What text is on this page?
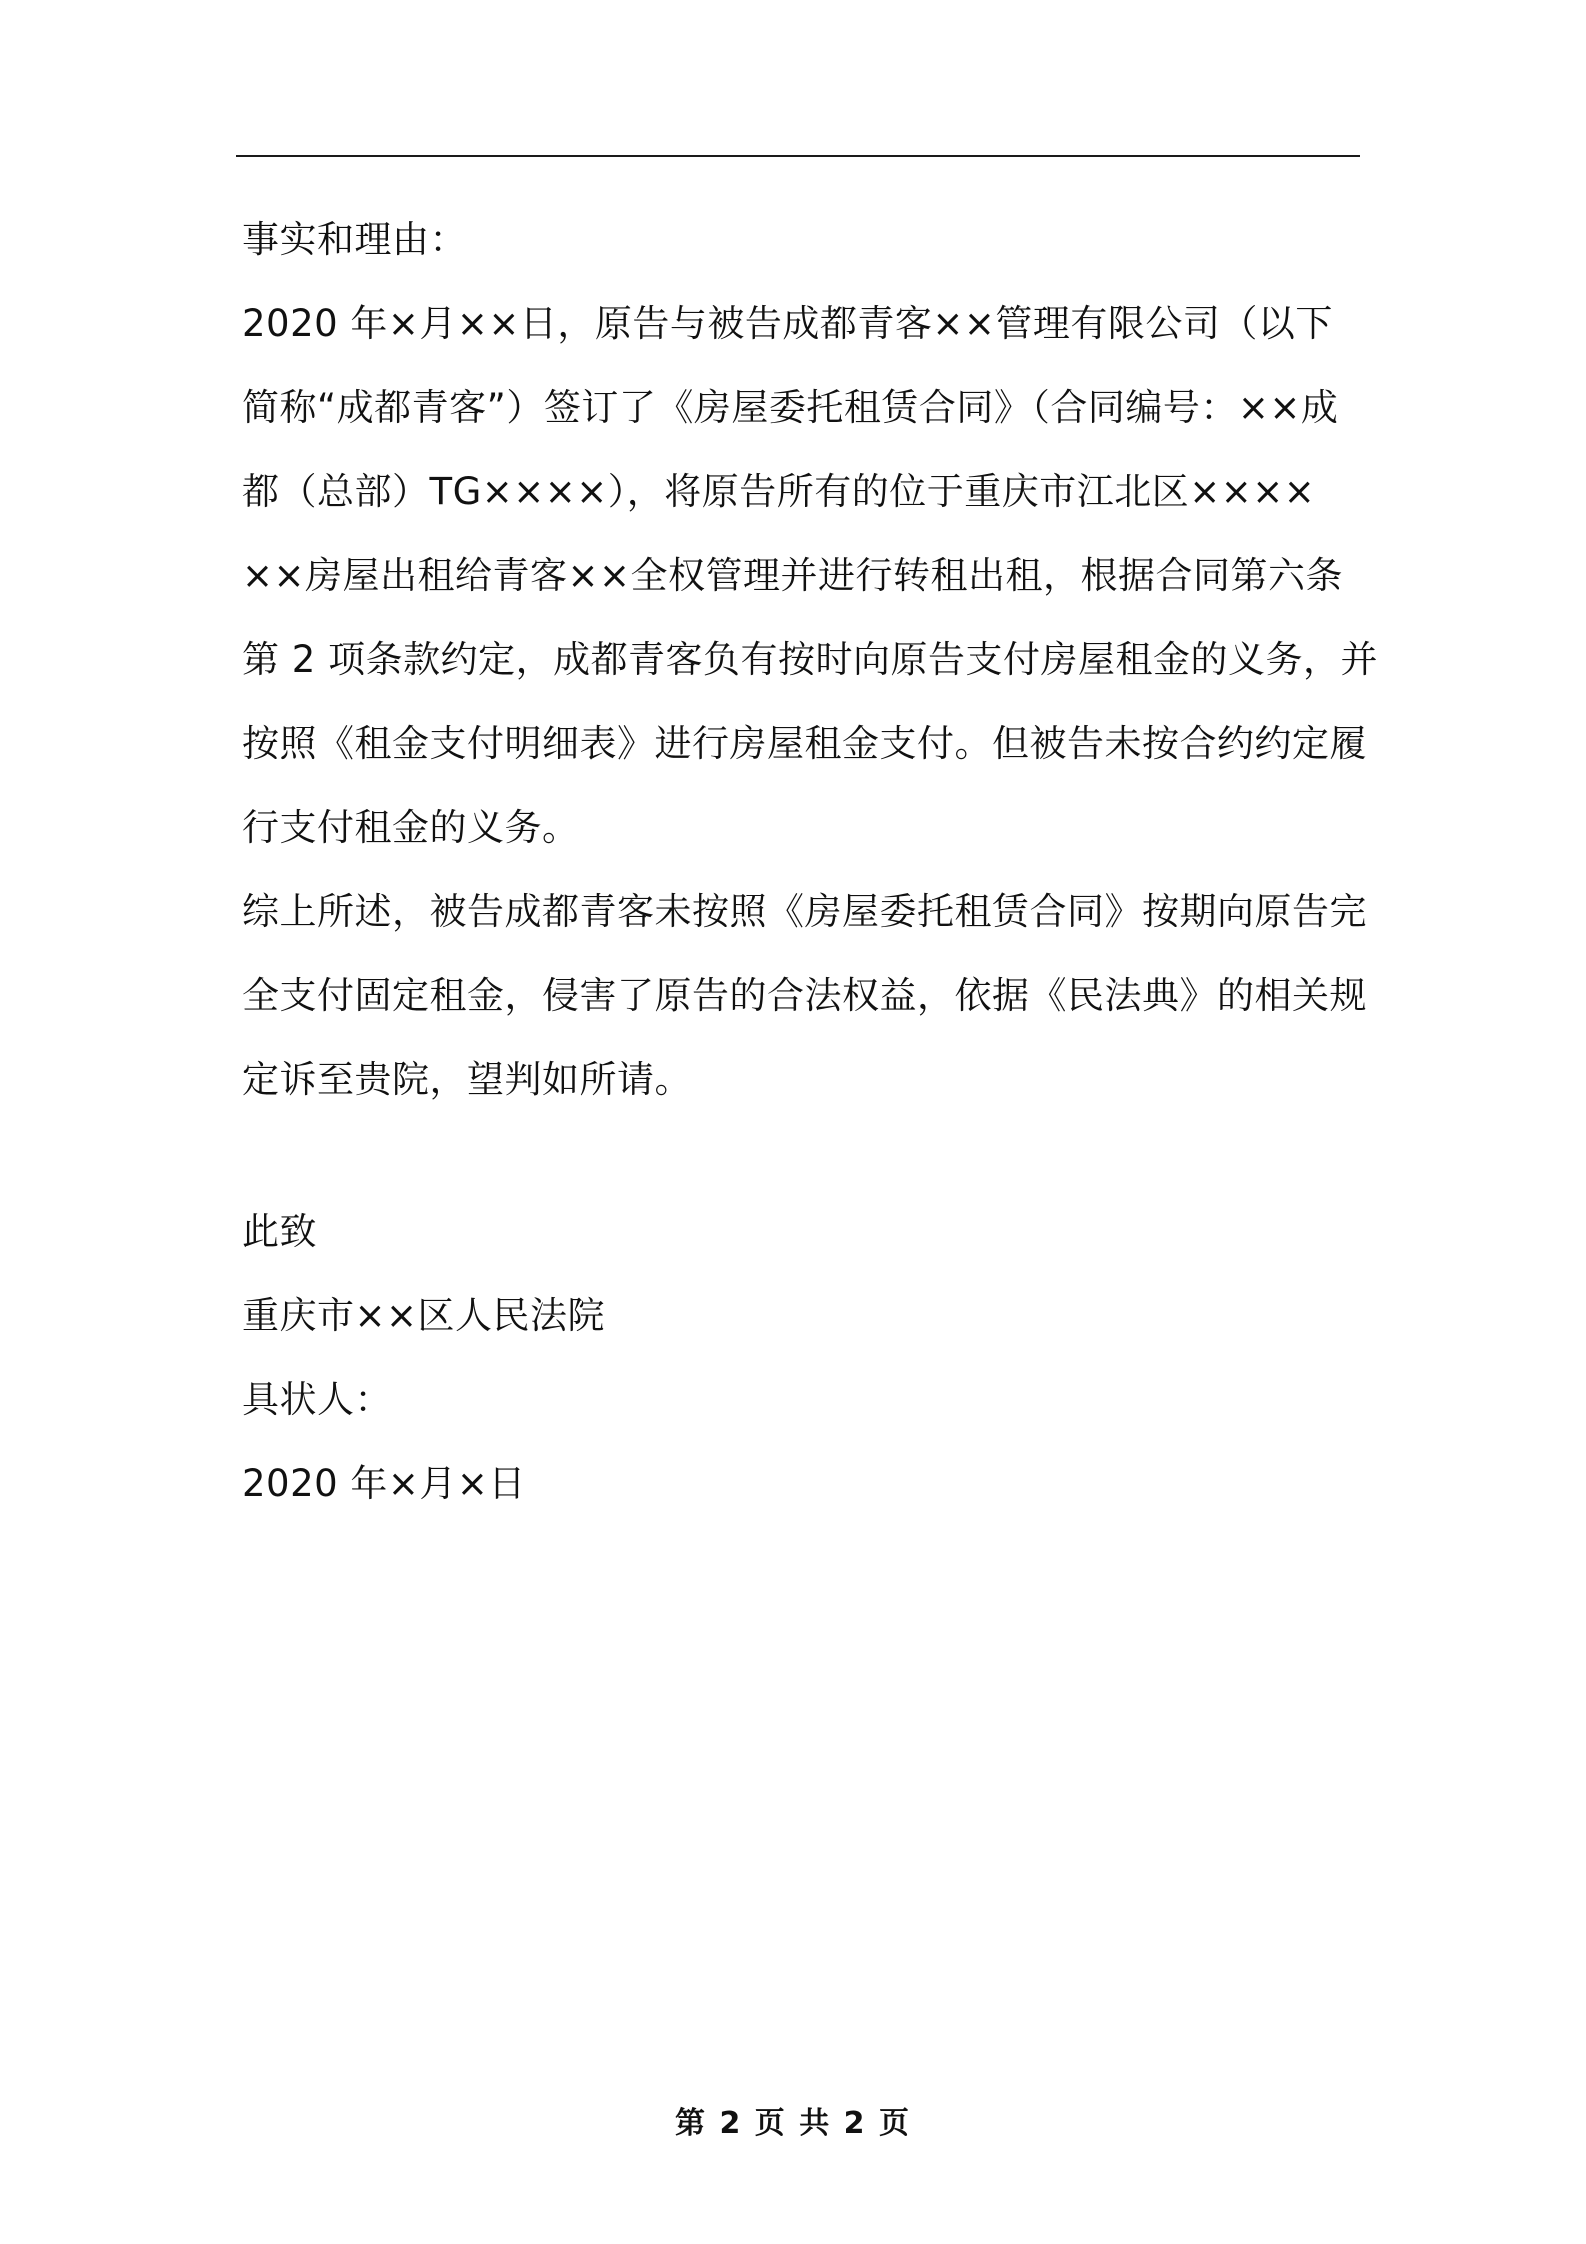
事实和理由：
2020 年×月××日，原告与被告成都青客××管理有限公司（以下
简称“成都青客”）签订了《房屋委托租赁合同》（合同编号：××成
都（总部）TG××××），将原告所有的位于重庆市江北区××××
××房屋出租给青客××全权管理并进行转租出租，根据合同第六条
第 2 项条款约定，成都青客负有按时向原告支付房屋租金的义务，并
按照《租金支付明细表》进行房屋租金支付。但被告未按合约约定履
行支付租金的义务。
综上所述，被告成都青客未按照《房屋委托租赁合同》按期向原告完
全支付固定租金，侵害了原告的合法权益，依据《民法典》的相关规
定诉至贵院，望判如所请。
此致
重庆市××区人民法院
具状人：
2020 年×月×日
第 2 页 共 2 页
